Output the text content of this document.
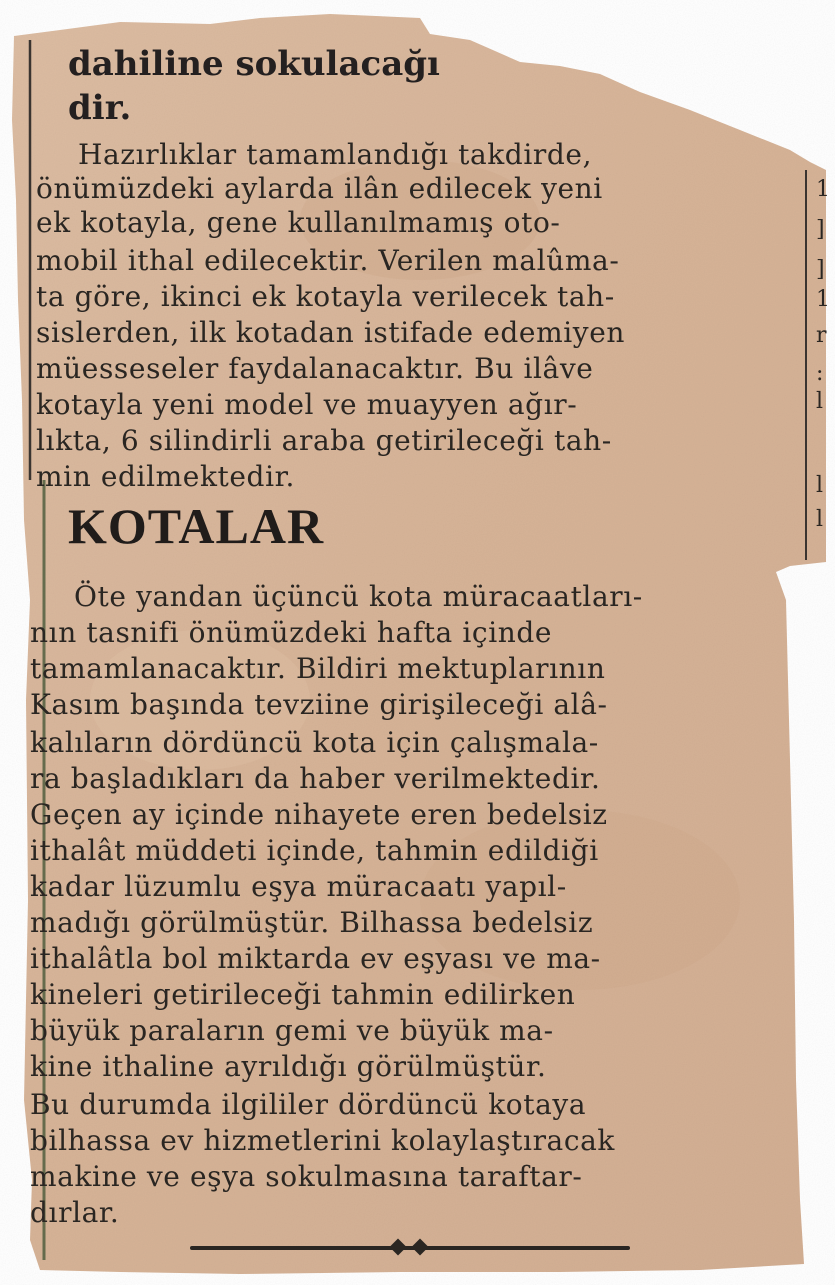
1
]
]
1
r
:
l
l
l
dahiline sokulacağı
dir.
Hazırlıklar tamamlandığı takdirde,
önümüzdeki aylarda ilân edilecek yeni
ek kotayla, gene kullanılmamış oto-
mobil ithal edilecektir. Verilen malûma-
ta göre, ikinci ek kotayla verilecek tah-
sislerden, ilk kotadan istifade edemiyen
müesseseler faydalanacaktır. Bu ilâve
kotayla yeni model ve muayyen ağır-
lıkta, 6 silindirli araba getirileceği tah-
min edilmektedir.
KOTALAR
Öte yandan üçüncü kota müracaatları-
nın tasnifi önümüzdeki hafta içinde
tamamlanacaktır. Bildiri mektuplarının
Kasım başında tevziine girişileceği alâ-
kalıların dördüncü kota için çalışmala-
ra başladıkları da haber verilmektedir.
Geçen ay içinde nihayete eren bedelsiz
ithalât müddeti içinde, tahmin edildiği
kadar lüzumlu eşya müracaatı yapıl-
madığı görülmüştür. Bilhassa bedelsiz
ithalâtla bol miktarda ev eşyası ve ma-
kineleri getirileceği tahmin edilirken
büyük paraların gemi ve büyük ma-
kine ithaline ayrıldığı görülmüştür.
Bu durumda ilgililer dördüncü kotaya
bilhassa ev hizmetlerini kolaylaştıracak
makine ve eşya sokulmasına taraftar-
dırlar.
